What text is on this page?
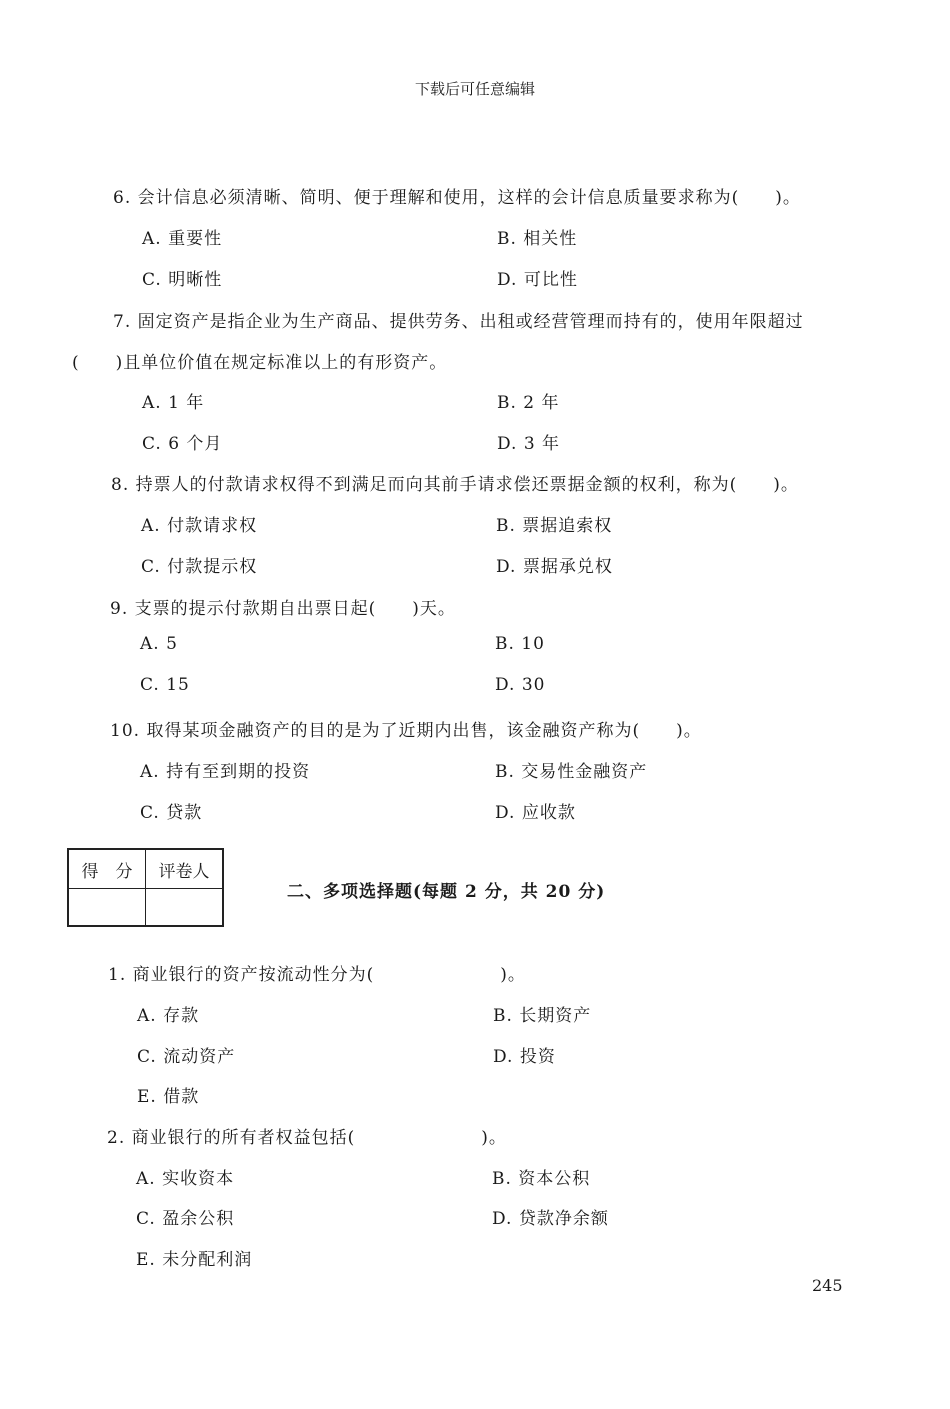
下载后可任意编辑
6. 会计信息必须清晰、简明、便于理解和使用，这样的会计信息质量要求称为(　　)。
A. 重要性	B. 相关性
C. 明晰性	D. 可比性
7. 固定资产是指企业为生产商品、提供劳务、出租或经营管理而持有的，使用年限超过
(　　)且单位价值在规定标准以上的有形资产。
A. 1 年	B. 2 年
C. 6 个月	D. 3 年
8. 持票人的付款请求权得不到满足而向其前手请求偿还票据金额的权利，称为(　　)。
A. 付款请求权	B. 票据追索权
C. 付款提示权	D. 票据承兑权
9. 支票的提示付款期自出票日起(　　)天。
A. 5	B. 10
C. 15	D. 30
10. 取得某项金融资产的目的是为了近期内出售，该金融资产称为(　　)。
A. 持有至到期的投资	B. 交易性金融资产
C. 贷款	D. 应收款
得　分	评卷人

二、多项选择题(每题 2 分，共 20 分)
1. 商业银行的资产按流动性分为(　　　　　　　)。
A. 存款	B. 长期资产
C. 流动资产	D. 投资
E. 借款
2. 商业银行的所有者权益包括(　　　　　　　)。
A. 实收资本	B. 资本公积
C. 盈余公积	D. 贷款净余额
E. 未分配利润
245
